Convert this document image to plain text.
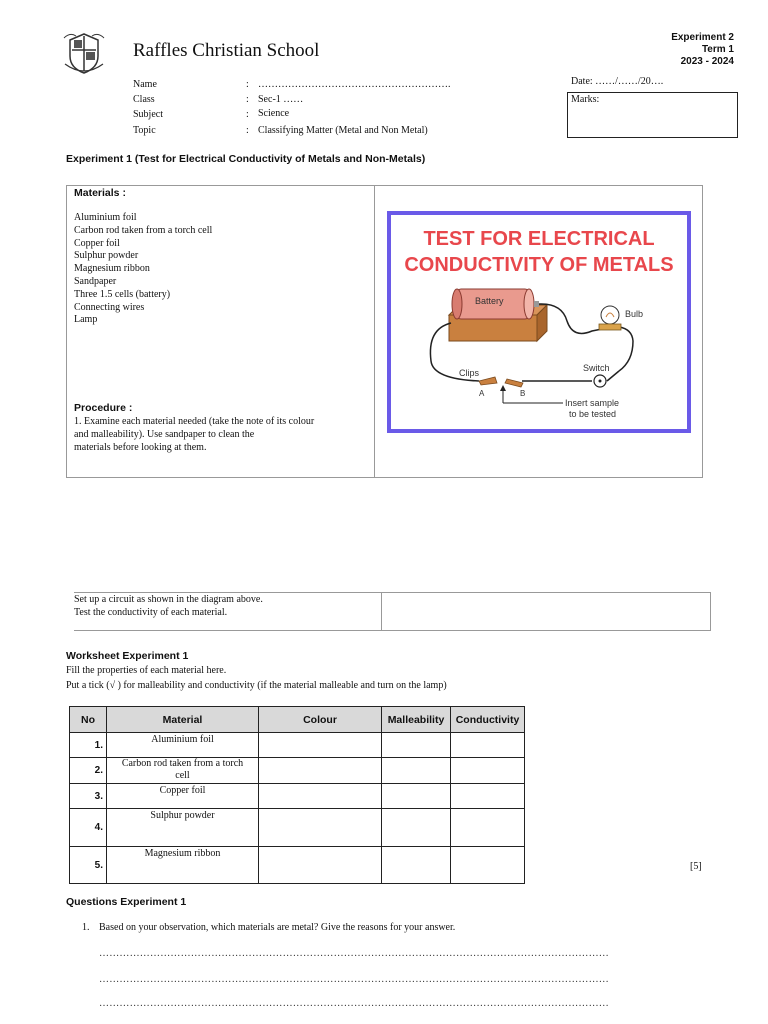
Raffles Christian School
Experiment 2
Term 1
2023 - 2024
Name	: ………………………………………………….
Class	: Sec-1 ……
Subject	: Science
Topic	: Classifying Matter (Metal and Non Metal)
Date: ……/……/20….
Marks:
Experiment 1 (Test for Electrical Conductivity of Metals and Non-Metals)
Materials :
Aluminium foil
Carbon rod taken from a torch cell
Copper foil
Sulphur powder
Magnesium ribbon
Sandpaper
Three 1.5 cells (battery)
Connecting wires
Lamp
Procedure :
1. Examine each material needed (take the note of its colour
and malleability). Use sandpaper to clean the
materials before looking at them.
TEST FOR ELECTRICAL
CONDUCTIVITY OF METALS
Battery
Bulb
Clips
A	B
Switch
Insert sample
to be tested
Set up a circuit as shown in the diagram above.
Test the conductivity of each material.
Worksheet Experiment 1
Fill the properties of each material here.
Put a tick (√ ) for malleability and conductivity (if the material malleable and turn on the lamp)
No	Material	Colour	Malleability	Conductivity
1.	Aluminium foil			
2.	Carbon rod taken from a torch cell			
3.	Copper foil			
4.	Sulphur powder			
5.	Magnesium ribbon			
[5]
Questions Experiment 1
1. Based on your observation, which materials are metal? Give the reasons for your answer.
……………………………………………………………………………………………………………………………………
……………………………………………………………………………………………………………………………………
……………………………………………………………………………………………………………………………………
